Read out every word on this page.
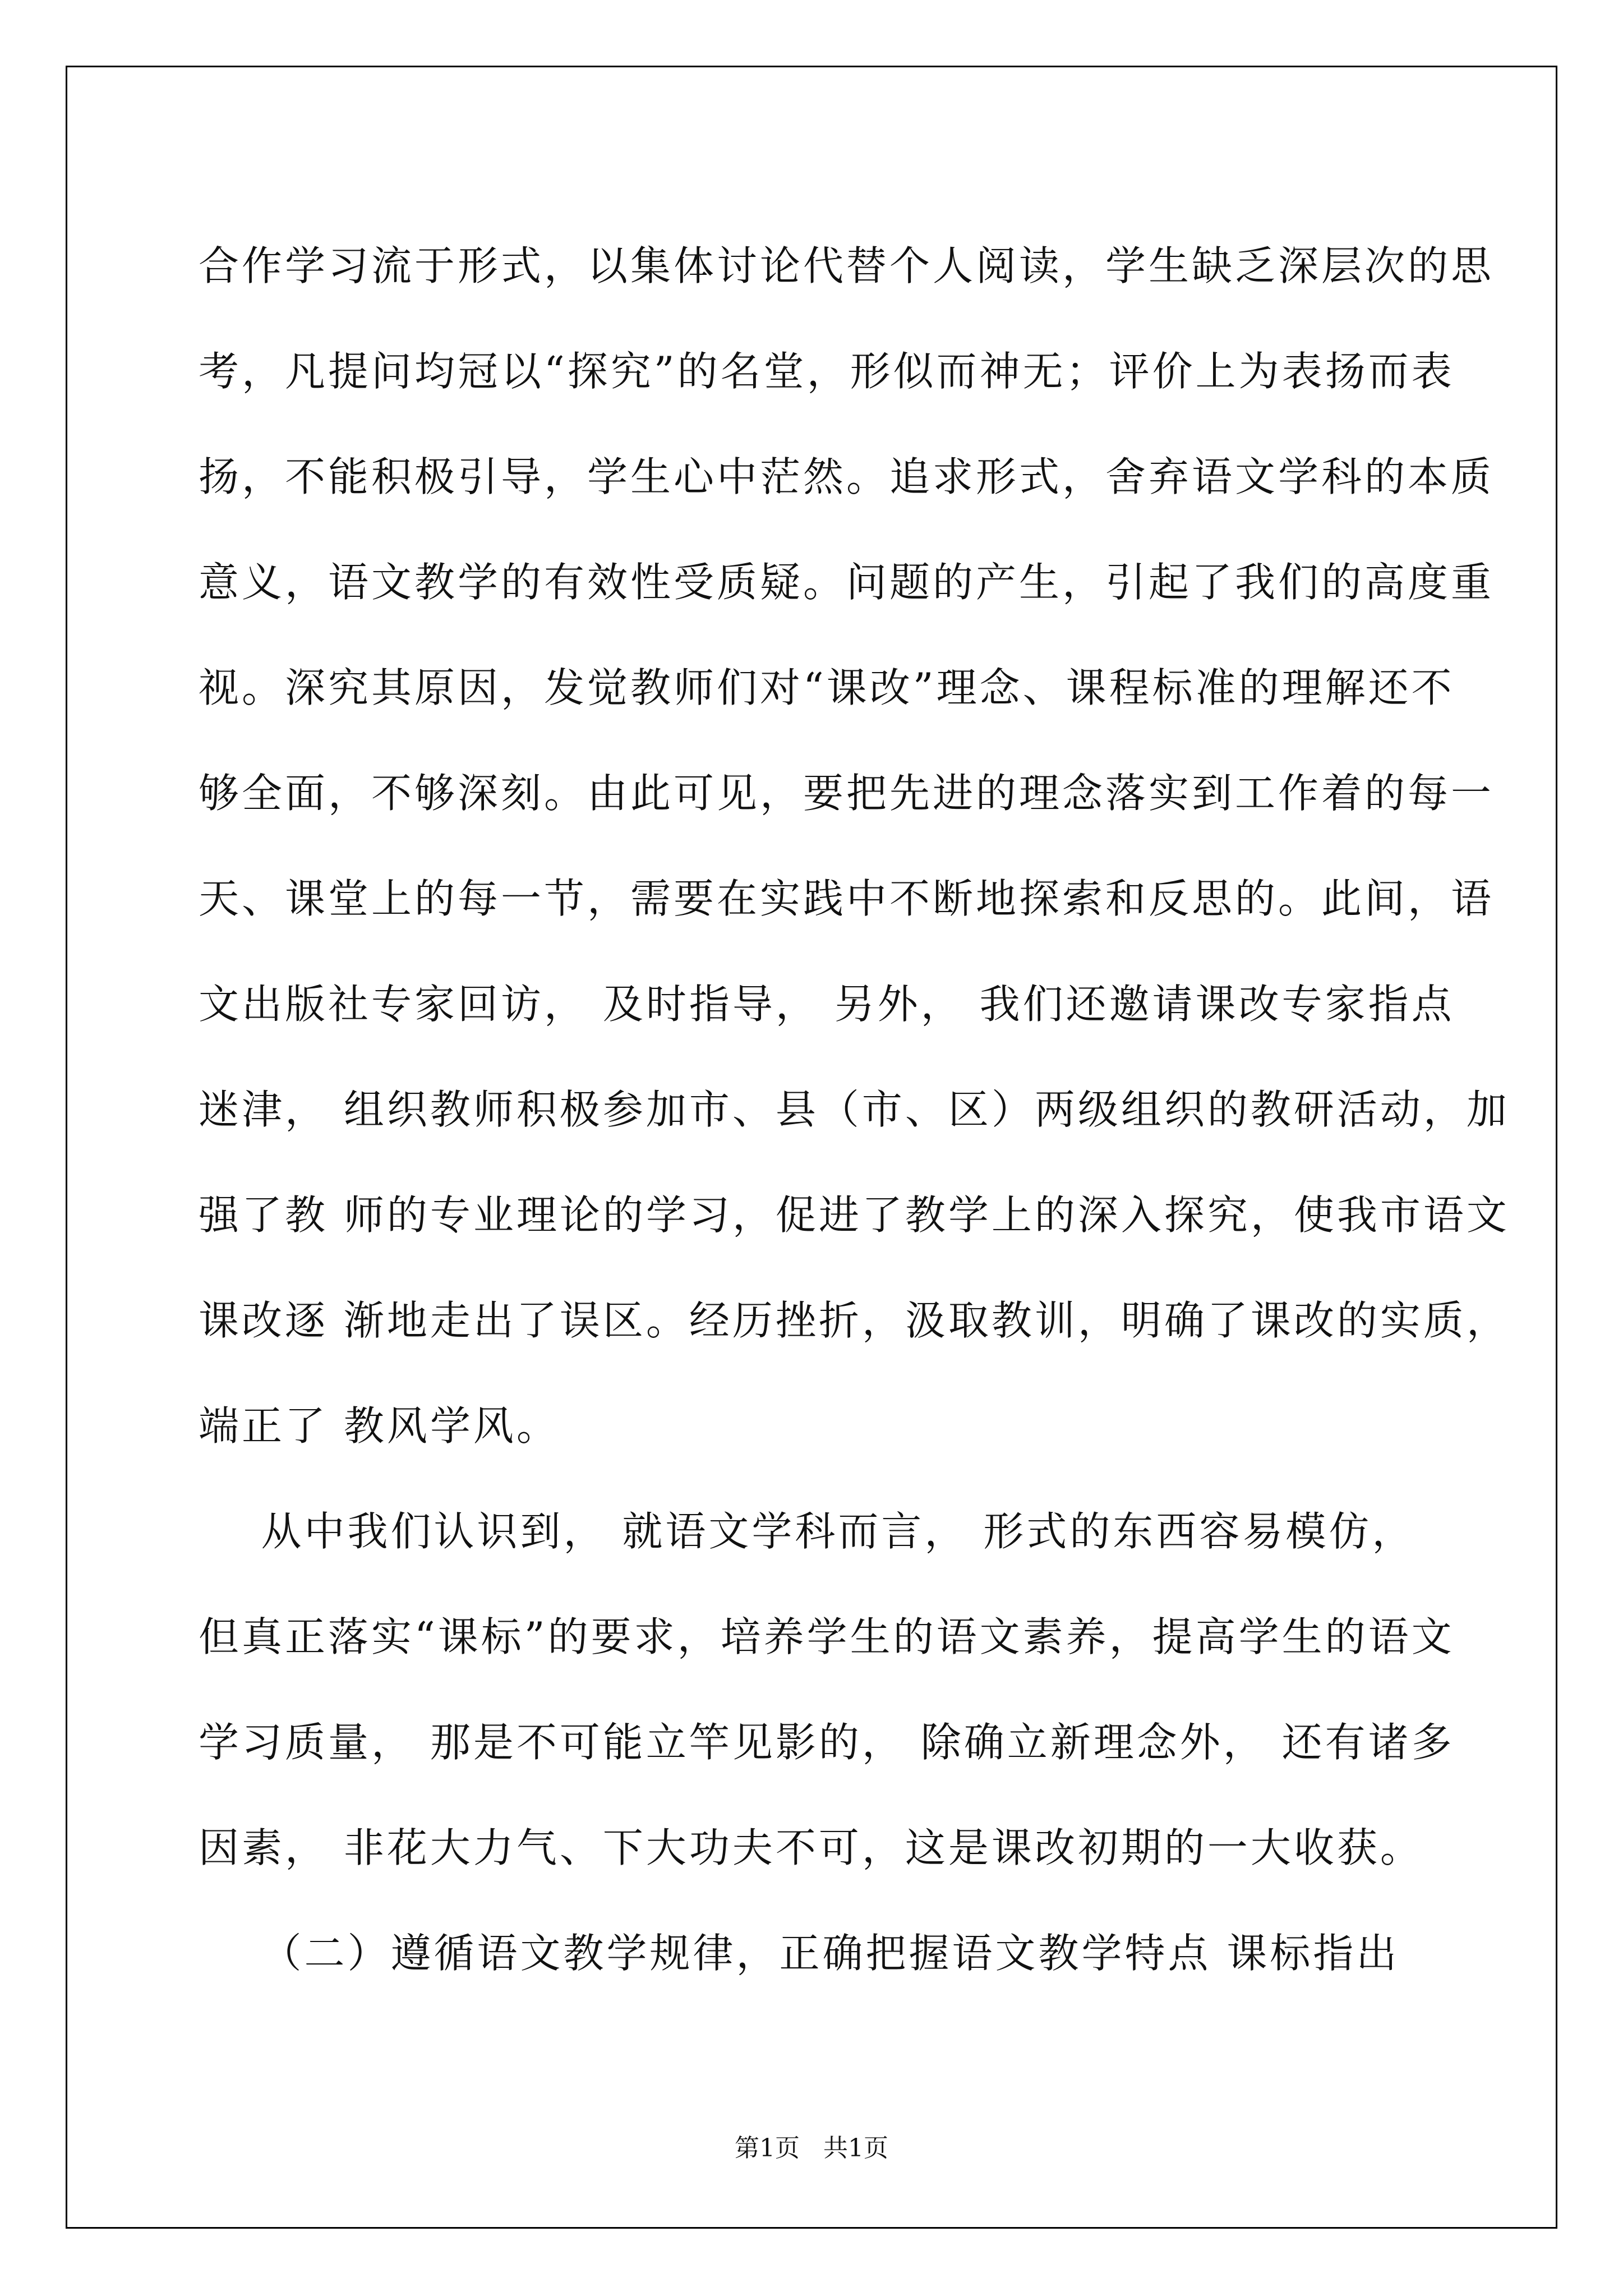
合作学习流于形式，以集体讨论代替个人阅读，学生缺乏深层次的思
考，凡提问均冠以“探究”的名堂，形似而神无；评价上为表扬而表
扬，不能积极引导，学生心中茫然。追求形式，舍弃语文学科的本质
意义，语文教学的有效性受质疑。问题的产生，引起了我们的高度重
视。深究其原因，发觉教师们对“课改”理念、课程标准的理解还不
够全面，不够深刻。由此可见，要把先进的理念落实到工作着的每一
天、课堂上的每一节，需要在实践中不断地探索和反思的。此间，语
文出版社专家回访， 及时指导， 另外， 我们还邀请课改专家指点
迷津， 组织教师积极参加市、县（市、区）两级组织的教研活动，加
强了教 师的专业理论的学习，促进了教学上的深入探究，使我市语文
课改逐 渐地走出了误区。经历挫折，汲取教训，明确了课改的实质，
端正了 教风学风。
从中我们认识到， 就语文学科而言， 形式的东西容易模仿，
但真正落实“课标”的要求，培养学生的语文素养，提高学生的语文
学习质量， 那是不可能立竿见影的， 除确立新理念外， 还有诸多
因素， 非花大力气、下大功夫不可，这是课改初期的一大收获。
（二）遵循语文教学规律，正确把握语文教学特点 课标指出
第1页   共1页
